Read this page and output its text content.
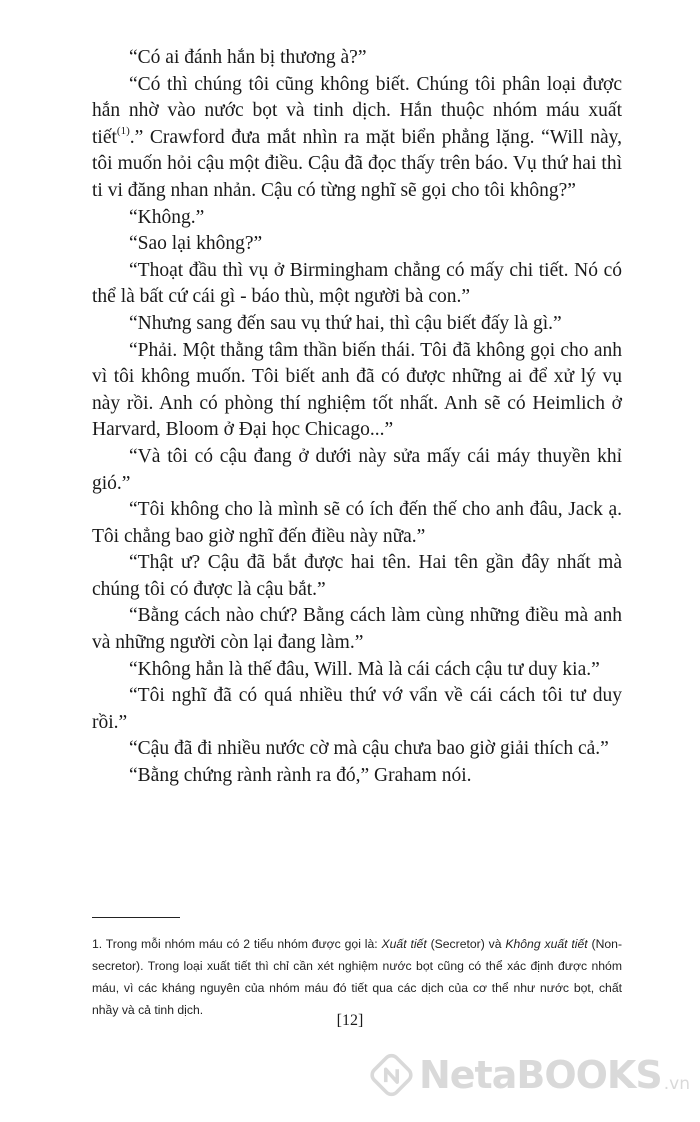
“Có ai đánh hắn bị thương à?”

“Có thì chúng tôi cũng không biết. Chúng tôi phân loại được hắn nhờ vào nước bọt và tinh dịch. Hắn thuộc nhóm máu xuất tiết$^{(1)}$.” Crawford đưa mắt nhìn ra mặt biển phẳng lặng. “Will này, tôi muốn hỏi cậu một điều. Cậu đã đọc thấy trên báo. Vụ thứ hai thì ti vi đăng nhan nhản. Cậu có từng nghĩ sẽ gọi cho tôi không?”

“Không.”

“Sao lại không?”

“Thoạt đầu thì vụ ở Birmingham chẳng có mấy chi tiết. Nó có thể là bất cứ cái gì - báo thù, một người bà con.”

“Nhưng sang đến sau vụ thứ hai, thì cậu biết đấy là gì.”

“Phải. Một thằng tâm thần biến thái. Tôi đã không gọi cho anh vì tôi không muốn. Tôi biết anh đã có được những ai để xử lý vụ này rồi. Anh có phòng thí nghiệm tốt nhất. Anh sẽ có Heimlich ở Harvard, Bloom ở Đại học Chicago...”

“Và tôi có cậu đang ở dưới này sửa mấy cái máy thuyền khỉ gió.”

“Tôi không cho là mình sẽ có ích đến thế cho anh đâu, Jack ạ. Tôi chẳng bao giờ nghĩ đến điều này nữa.”

“Thật ư? Cậu đã bắt được hai tên. Hai tên gần đây nhất mà chúng tôi có được là cậu bắt.”

“Bằng cách nào chứ? Bằng cách làm cùng những điều mà anh và những người còn lại đang làm.”

“Không hẳn là thế đâu, Will. Mà là cái cách cậu tư duy kia.”

“Tôi nghĩ đã có quá nhiều thứ vớ vẩn về cái cách tôi tư duy rồi.”

“Cậu đã đi nhiều nước cờ mà cậu chưa bao giờ giải thích cả.”

“Bằng chứng rành rành ra đó,” Graham nói.

1. Trong mỗi nhóm máu có 2 tiểu nhóm được gọi là: Xuất tiết (Secretor) và Không xuất tiết (Non-secretor). Trong loại xuất tiết thì chỉ cần xét nghiệm nước bọt cũng có thể xác định được nhóm máu, vì các kháng nguyên của nhóm máu đó tiết qua các dịch của cơ thể như nước bọt, chất nhầy và cả tinh dịch.
[12]
NetaBOOKS .vn
